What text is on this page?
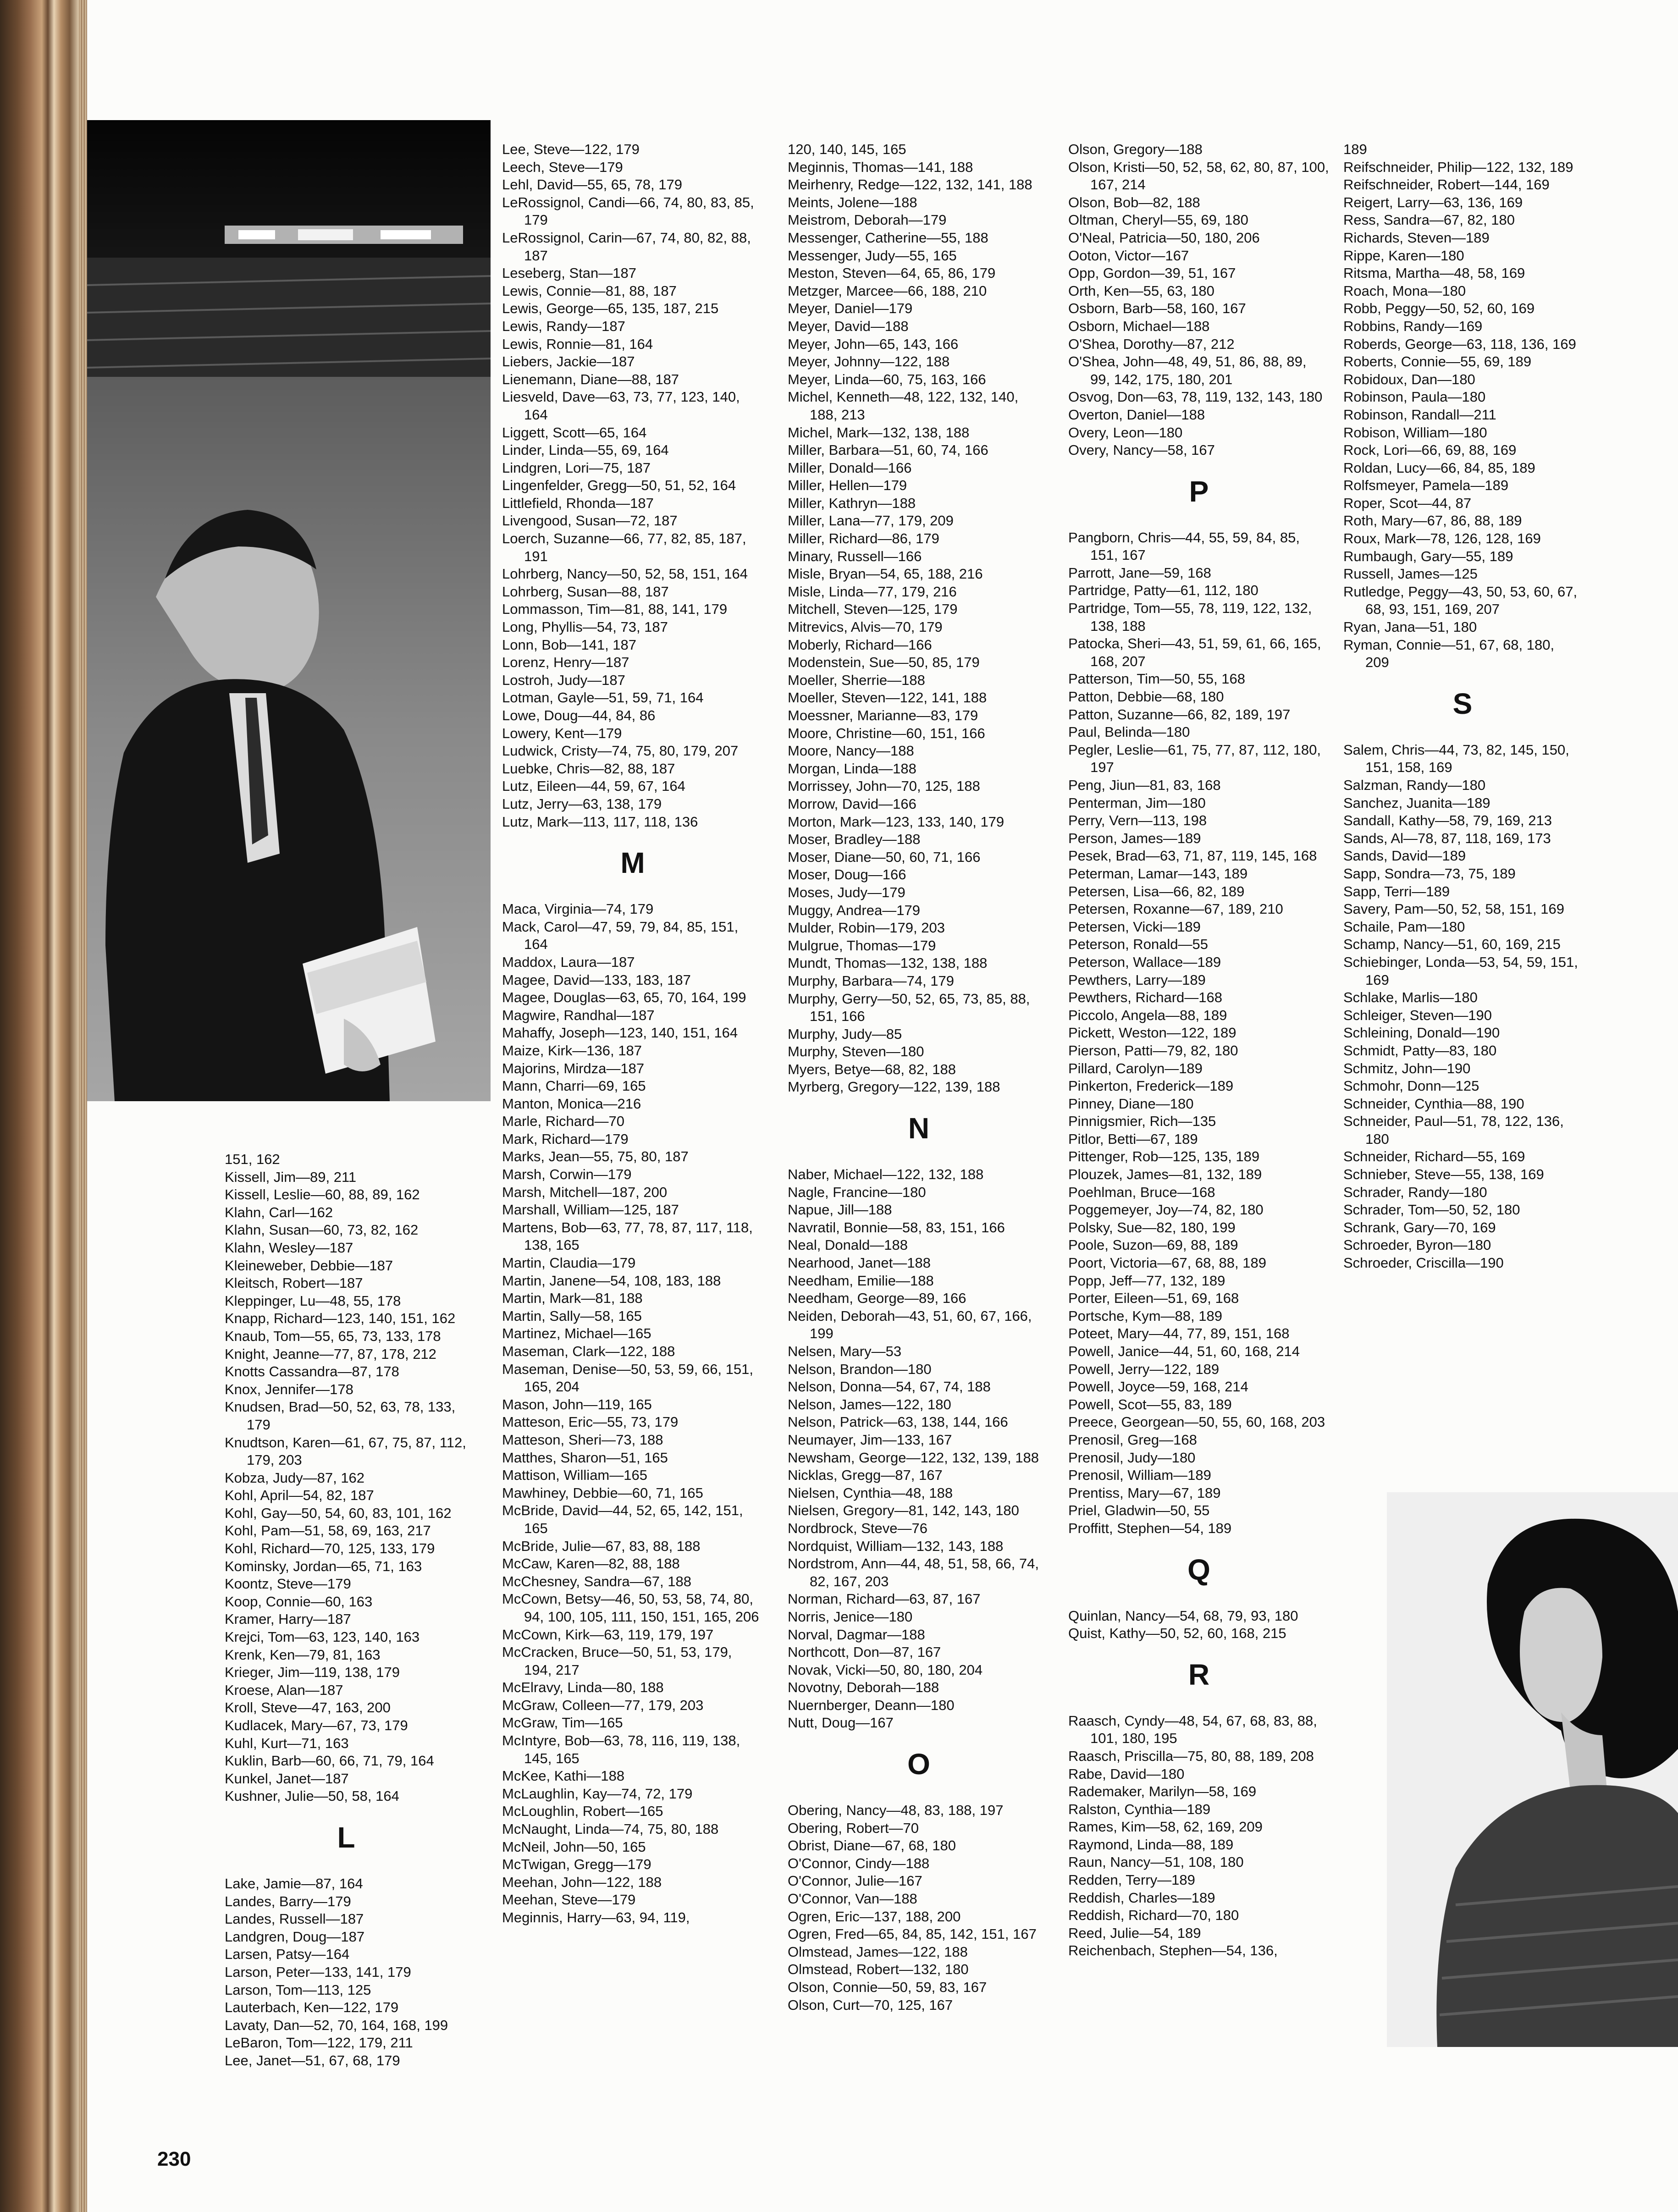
151, 162
Kissell, Jim—89, 211
Kissell, Leslie—60, 88, 89, 162
Klahn, Carl—162
Klahn, Susan—60, 73, 82, 162
Klahn, Wesley—187
Kleineweber, Debbie—187
Kleitsch, Robert—187
Kleppinger, Lu—48, 55, 178
Knapp, Richard—123, 140, 151, 162
Knaub, Tom—55, 65, 73, 133, 178
Knight, Jeanne—77, 87, 178, 212
Knotts Cassandra—87, 178
Knox, Jennifer—178
Knudsen, Brad—50, 52, 63, 78, 133, 179
Knudtson, Karen—61, 67, 75, 87, 112, 179, 203
Kobza, Judy—87, 162
Kohl, April—54, 82, 187
Kohl, Gay—50, 54, 60, 83, 101, 162
Kohl, Pam—51, 58, 69, 163, 217
Kohl, Richard—70, 125, 133, 179
Kominsky, Jordan—65, 71, 163
Koontz, Steve—179
Koop, Connie—60, 163
Kramer, Harry—187
Krejci, Tom—63, 123, 140, 163
Krenk, Ken—79, 81, 163
Krieger, Jim—119, 138, 179
Kroese, Alan—187
Kroll, Steve—47, 163, 200
Kudlacek, Mary—67, 73, 179
Kuhl, Kurt—71, 163
Kuklin, Barb—60, 66, 71, 79, 164
Kunkel, Janet—187
Kushner, Julie—50, 58, 164
L
Lake, Jamie—87, 164
Landes, Barry—179
Landes, Russell—187
Landgren, Doug—187
Larsen, Patsy—164
Larson, Peter—133, 141, 179
Larson, Tom—113, 125
Lauterbach, Ken—122, 179
Lavaty, Dan—52, 70, 164, 168, 199
LeBaron, Tom—122, 179, 211
Lee, Janet—51, 67, 68, 179
Lee, Steve—122, 179
Leech, Steve—179
Lehl, David—55, 65, 78, 179
LeRossignol, Candi—66, 74, 80, 83, 85, 179
LeRossignol, Carin—67, 74, 80, 82, 88, 187
Leseberg, Stan—187
Lewis, Connie—81, 88, 187
Lewis, George—65, 135, 187, 215
Lewis, Randy—187
Lewis, Ronnie—81, 164
Liebers, Jackie—187
Lienemann, Diane—88, 187
Liesveld, Dave—63, 73, 77, 123, 140, 164
Liggett, Scott—65, 164
Linder, Linda—55, 69, 164
Lindgren, Lori—75, 187
Lingenfelder, Gregg—50, 51, 52, 164
Littlefield, Rhonda—187
Livengood, Susan—72, 187
Loerch, Suzanne—66, 77, 82, 85, 187, 191
Lohrberg, Nancy—50, 52, 58, 151, 164
Lohrberg, Susan—88, 187
Lommasson, Tim—81, 88, 141, 179
Long, Phyllis—54, 73, 187
Lonn, Bob—141, 187
Lorenz, Henry—187
Lostroh, Judy—187
Lotman, Gayle—51, 59, 71, 164
Lowe, Doug—44, 84, 86
Lowery, Kent—179
Ludwick, Cristy—74, 75, 80, 179, 207
Luebke, Chris—82, 88, 187
Lutz, Eileen—44, 59, 67, 164
Lutz, Jerry—63, 138, 179
Lutz, Mark—113, 117, 118, 136
M
Maca, Virginia—74, 179
Mack, Carol—47, 59, 79, 84, 85, 151, 164
Maddox, Laura—187
Magee, David—133, 183, 187
Magee, Douglas—63, 65, 70, 164, 199
Magwire, Randhal—187
Mahaffy, Joseph—123, 140, 151, 164
Maize, Kirk—136, 187
Majorins, Mirdza—187
Mann, Charri—69, 165
Manton, Monica—216
Marle, Richard—70
Mark, Richard—179
Marks, Jean—55, 75, 80, 187
Marsh, Corwin—179
Marsh, Mitchell—187, 200
Marshall, William—125, 187
Martens, Bob—63, 77, 78, 87, 117, 118, 138, 165
Martin, Claudia—179
Martin, Janene—54, 108, 183, 188
Martin, Mark—81, 188
Martin, Sally—58, 165
Martinez, Michael—165
Maseman, Clark—122, 188
Maseman, Denise—50, 53, 59, 66, 151, 165, 204
Mason, John—119, 165
Matteson, Eric—55, 73, 179
Matteson, Sheri—73, 188
Matthes, Sharon—51, 165
Mattison, William—165
Mawhiney, Debbie—60, 71, 165
McBride, David—44, 52, 65, 142, 151, 165
McBride, Julie—67, 83, 88, 188
McCaw, Karen—82, 88, 188
McChesney, Sandra—67, 188
McCown, Betsy—46, 50, 53, 58, 74, 80, 94, 100, 105, 111, 150, 151, 165, 206
McCown, Kirk—63, 119, 179, 197
McCracken, Bruce—50, 51, 53, 179, 194, 217
McElravy, Linda—80, 188
McGraw, Colleen—77, 179, 203
McGraw, Tim—165
McIntyre, Bob—63, 78, 116, 119, 138, 145, 165
McKee, Kathi—188
McLaughlin, Kay—74, 72, 179
McLoughlin, Robert—165
McNaught, Linda—74, 75, 80, 188
McNeil, John—50, 165
McTwigan, Gregg—179
Meehan, John—122, 188
Meehan, Steve—179
Meginnis, Harry—63, 94, 119,
120, 140, 145, 165
Meginnis, Thomas—141, 188
Meirhenry, Redge—122, 132, 141, 188
Meints, Jolene—188
Meistrom, Deborah—179
Messenger, Catherine—55, 188
Messenger, Judy—55, 165
Meston, Steven—64, 65, 86, 179
Metzger, Marcee—66, 188, 210
Meyer, Daniel—179
Meyer, David—188
Meyer, John—65, 143, 166
Meyer, Johnny—122, 188
Meyer, Linda—60, 75, 163, 166
Michel, Kenneth—48, 122, 132, 140, 188, 213
Michel, Mark—132, 138, 188
Miller, Barbara—51, 60, 74, 166
Miller, Donald—166
Miller, Hellen—179
Miller, Kathryn—188
Miller, Lana—77, 179, 209
Miller, Richard—86, 179
Minary, Russell—166
Misle, Bryan—54, 65, 188, 216
Misle, Linda—77, 179, 216
Mitchell, Steven—125, 179
Mitrevics, Alvis—70, 179
Moberly, Richard—166
Modenstein, Sue—50, 85, 179
Moeller, Sherrie—188
Moeller, Steven—122, 141, 188
Moessner, Marianne—83, 179
Moore, Christine—60, 151, 166
Moore, Nancy—188
Morgan, Linda—188
Morrissey, John—70, 125, 188
Morrow, David—166
Morton, Mark—123, 133, 140, 179
Moser, Bradley—188
Moser, Diane—50, 60, 71, 166
Moser, Doug—166
Moses, Judy—179
Muggy, Andrea—179
Mulder, Robin—179, 203
Mulgrue, Thomas—179
Mundt, Thomas—132, 138, 188
Murphy, Barbara—74, 179
Murphy, Gerry—50, 52, 65, 73, 85, 88, 151, 166
Murphy, Judy—85
Murphy, Steven—180
Myers, Betye—68, 82, 188
Myrberg, Gregory—122, 139, 188
N
Naber, Michael—122, 132, 188
Nagle, Francine—180
Napue, Jill—188
Navratil, Bonnie—58, 83, 151, 166
Neal, Donald—188
Nearhood, Janet—188
Needham, Emilie—188
Needham, George—89, 166
Neiden, Deborah—43, 51, 60, 67, 166, 199
Nelsen, Mary—53
Nelson, Brandon—180
Nelson, Donna—54, 67, 74, 188
Nelson, James—122, 180
Nelson, Patrick—63, 138, 144, 166
Neumayer, Jim—133, 167
Newsham, George—122, 132, 139, 188
Nicklas, Gregg—87, 167
Nielsen, Cynthia—48, 188
Nielsen, Gregory—81, 142, 143, 180
Nordbrock, Steve—76
Nordquist, William—132, 143, 188
Nordstrom, Ann—44, 48, 51, 58, 66, 74, 82, 167, 203
Norman, Richard—63, 87, 167
Norris, Jenice—180
Norval, Dagmar—188
Northcott, Don—87, 167
Novak, Vicki—50, 80, 180, 204
Novotny, Deborah—188
Nuernberger, Deann—180
Nutt, Doug—167
O
Obering, Nancy—48, 83, 188, 197
Obering, Robert—70
Obrist, Diane—67, 68, 180
O'Connor, Cindy—188
O'Connor, Julie—167
O'Connor, Van—188
Ogren, Eric—137, 188, 200
Ogren, Fred—65, 84, 85, 142, 151, 167
Olmstead, James—122, 188
Olmstead, Robert—132, 180
Olson, Connie—50, 59, 83, 167
Olson, Curt—70, 125, 167
Olson, Gregory—188
Olson, Kristi—50, 52, 58, 62, 80, 87, 100, 167, 214
Olson, Bob—82, 188
Oltman, Cheryl—55, 69, 180
O'Neal, Patricia—50, 180, 206
Ooton, Victor—167
Opp, Gordon—39, 51, 167
Orth, Ken—55, 63, 180
Osborn, Barb—58, 160, 167
Osborn, Michael—188
O'Shea, Dorothy—87, 212
O'Shea, John—48, 49, 51, 86, 88, 89, 99, 142, 175, 180, 201
Osvog, Don—63, 78, 119, 132, 143, 180
Overton, Daniel—188
Overy, Leon—180
Overy, Nancy—58, 167
P
Pangborn, Chris—44, 55, 59, 84, 85, 151, 167
Parrott, Jane—59, 168
Partridge, Patty—61, 112, 180
Partridge, Tom—55, 78, 119, 122, 132, 138, 188
Patocka, Sheri—43, 51, 59, 61, 66, 165, 168, 207
Patterson, Tim—50, 55, 168
Patton, Debbie—68, 180
Patton, Suzanne—66, 82, 189, 197
Paul, Belinda—180
Pegler, Leslie—61, 75, 77, 87, 112, 180, 197
Peng, Jiun—81, 83, 168
Penterman, Jim—180
Perry, Vern—113, 198
Person, James—189
Pesek, Brad—63, 71, 87, 119, 145, 168
Peterman, Lamar—143, 189
Petersen, Lisa—66, 82, 189
Petersen, Roxanne—67, 189, 210
Petersen, Vicki—189
Peterson, Ronald—55
Peterson, Wallace—189
Pewthers, Larry—189
Pewthers, Richard—168
Piccolo, Angela—88, 189
Pickett, Weston—122, 189
Pierson, Patti—79, 82, 180
Pillard, Carolyn—189
Pinkerton, Frederick—189
Pinney, Diane—180
Pinnigsmier, Rich—135
Pitlor, Betti—67, 189
Pittenger, Rob—125, 135, 189
Plouzek, James—81, 132, 189
Poehlman, Bruce—168
Poggemeyer, Joy—74, 82, 180
Polsky, Sue—82, 180, 199
Poole, Suzon—69, 88, 189
Poort, Victoria—67, 68, 88, 189
Popp, Jeff—77, 132, 189
Porter, Eileen—51, 69, 168
Portsche, Kym—88, 189
Poteet, Mary—44, 77, 89, 151, 168
Powell, Janice—44, 51, 60, 168, 214
Powell, Jerry—122, 189
Powell, Joyce—59, 168, 214
Powell, Scot—55, 83, 189
Preece, Georgean—50, 55, 60, 168, 203
Prenosil, Greg—168
Prenosil, Judy—180
Prenosil, William—189
Prentiss, Mary—67, 189
Priel, Gladwin—50, 55
Proffitt, Stephen—54, 189
Q
Quinlan, Nancy—54, 68, 79, 93, 180
Quist, Kathy—50, 52, 60, 168, 215
R
Raasch, Cyndy—48, 54, 67, 68, 83, 88, 101, 180, 195
Raasch, Priscilla—75, 80, 88, 189, 208
Rabe, David—180
Rademaker, Marilyn—58, 169
Ralston, Cynthia—189
Rames, Kim—58, 62, 169, 209
Raymond, Linda—88, 189
Raun, Nancy—51, 108, 180
Redden, Terry—189
Reddish, Charles—189
Reddish, Richard—70, 180
Reed, Julie—54, 189
Reichenbach, Stephen—54, 136,
189
Reifschneider, Philip—122, 132, 189
Reifschneider, Robert—144, 169
Reigert, Larry—63, 136, 169
Ress, Sandra—67, 82, 180
Richards, Steven—189
Rippe, Karen—180
Ritsma, Martha—48, 58, 169
Roach, Mona—180
Robb, Peggy—50, 52, 60, 169
Robbins, Randy—169
Roberds, George—63, 118, 136, 169
Roberts, Connie—55, 69, 189
Robidoux, Dan—180
Robinson, Paula—180
Robinson, Randall—211
Robison, William—180
Rock, Lori—66, 69, 88, 169
Roldan, Lucy—66, 84, 85, 189
Rolfsmeyer, Pamela—189
Roper, Scot—44, 87
Roth, Mary—67, 86, 88, 189
Roux, Mark—78, 126, 128, 169
Rumbaugh, Gary—55, 189
Russell, James—125
Rutledge, Peggy—43, 50, 53, 60, 67, 68, 93, 151, 169, 207
Ryan, Jana—51, 180
Ryman, Connie—51, 67, 68, 180, 209
S
Salem, Chris—44, 73, 82, 145, 150, 151, 158, 169
Salzman, Randy—180
Sanchez, Juanita—189
Sandall, Kathy—58, 79, 169, 213
Sands, Al—78, 87, 118, 169, 173
Sands, David—189
Sapp, Sondra—73, 75, 189
Sapp, Terri—189
Savery, Pam—50, 52, 58, 151, 169
Schaile, Pam—180
Schamp, Nancy—51, 60, 169, 215
Schiebinger, Londa—53, 54, 59, 151, 169
Schlake, Marlis—180
Schleiger, Steven—190
Schleining, Donald—190
Schmidt, Patty—83, 180
Schmitz, John—190
Schmohr, Donn—125
Schneider, Cynthia—88, 190
Schneider, Paul—51, 78, 122, 136, 180
Schneider, Richard—55, 169
Schnieber, Steve—55, 138, 169
Schrader, Randy—180
Schrader, Tom—50, 52, 180
Schrank, Gary—70, 169
Schroeder, Byron—180
Schroeder, Criscilla—190
230
